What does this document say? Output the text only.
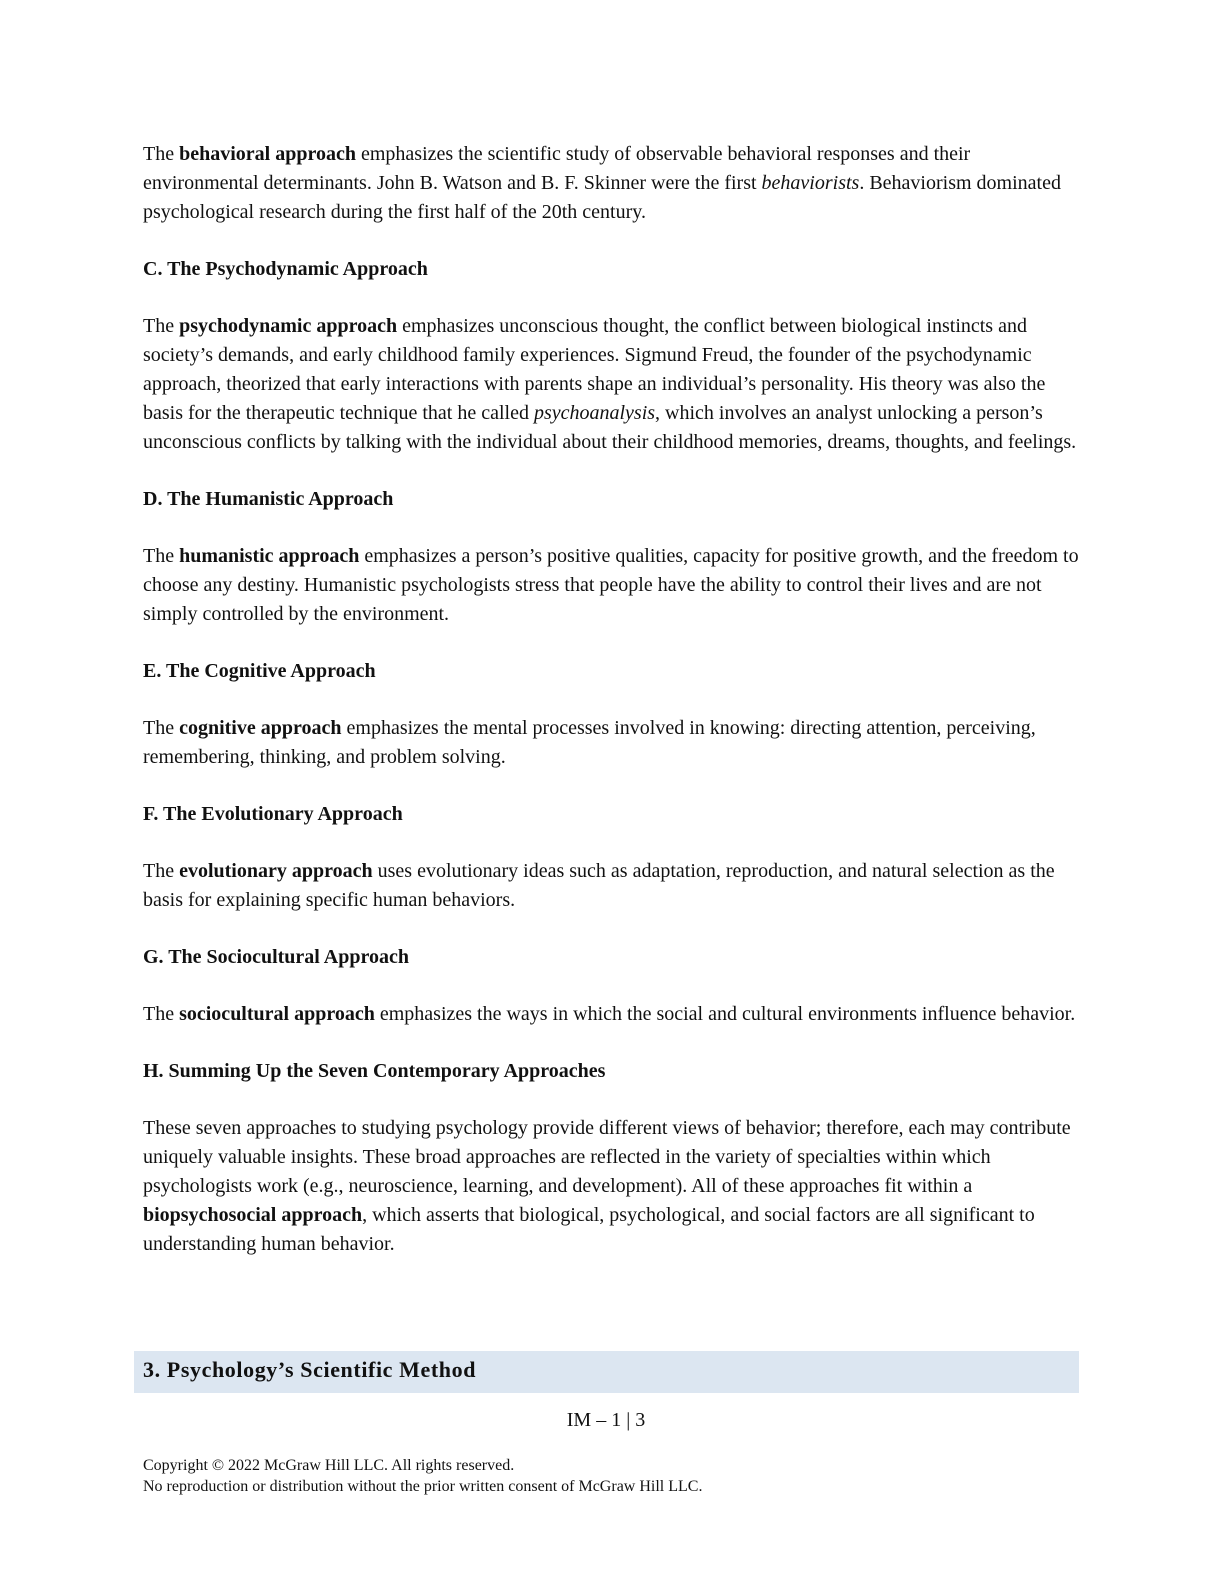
The behavioral approach emphasizes the scientific study of observable behavioral responses and their environmental determinants. John B. Watson and B. F. Skinner were the first behaviorists. Behaviorism dominated psychological research during the first half of the 20th century.

C. The Psychodynamic Approach

The psychodynamic approach emphasizes unconscious thought, the conflict between biological instincts and society’s demands, and early childhood family experiences. Sigmund Freud, the founder of the psychodynamic approach, theorized that early interactions with parents shape an individual’s personality. His theory was also the basis for the therapeutic technique that he called psychoanalysis, which involves an analyst unlocking a person’s unconscious conflicts by talking with the individual about their childhood memories, dreams, thoughts, and feelings.

D. The Humanistic Approach

The humanistic approach emphasizes a person’s positive qualities, capacity for positive growth, and the freedom to choose any destiny. Humanistic psychologists stress that people have the ability to control their lives and are not simply controlled by the environment.

E. The Cognitive Approach

The cognitive approach emphasizes the mental processes involved in knowing: directing attention, perceiving, remembering, thinking, and problem solving.

F. The Evolutionary Approach

The evolutionary approach uses evolutionary ideas such as adaptation, reproduction, and natural selection as the basis for explaining specific human behaviors.

G. The Sociocultural Approach

The sociocultural approach emphasizes the ways in which the social and cultural environments influence behavior.

H. Summing Up the Seven Contemporary Approaches

These seven approaches to studying psychology provide different views of behavior; therefore, each may contribute uniquely valuable insights. These broad approaches are reflected in the variety of specialties within which psychologists work (e.g., neuroscience, learning, and development). All of these approaches fit within a biopsychosocial approach, which asserts that biological, psychological, and social factors are all significant to understanding human behavior.

3. Psychology’s Scientific Method
IM – 1 | 3
Copyright © 2022 McGraw Hill LLC. All rights reserved.
No reproduction or distribution without the prior written consent of McGraw Hill LLC.
